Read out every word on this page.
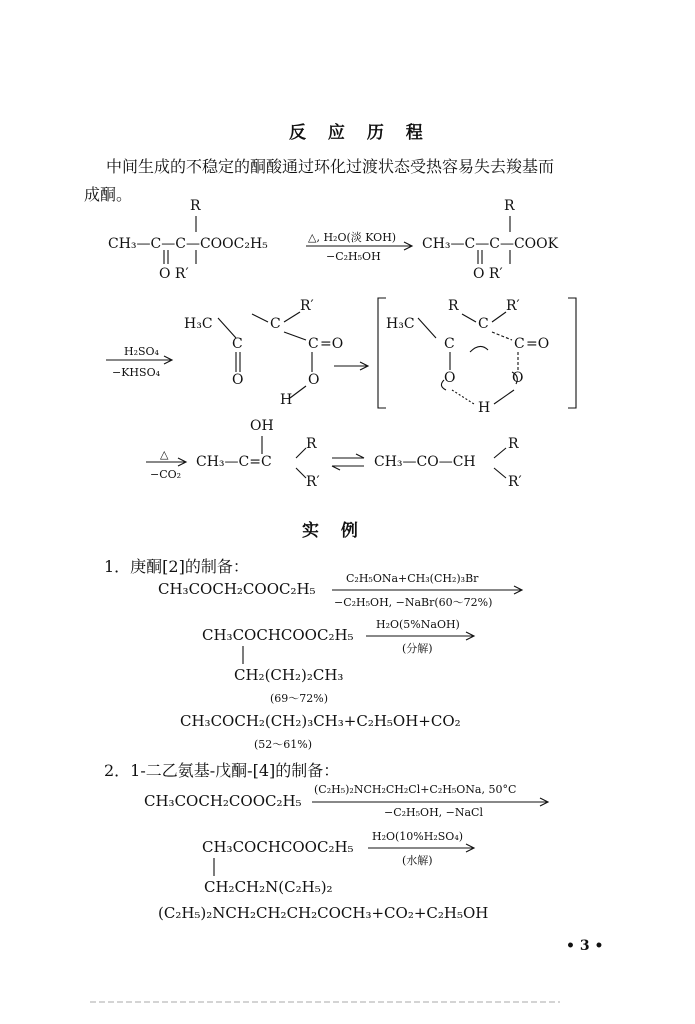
反 应 历 程
中间生成的不稳定的酮酸通过环化过渡状态受热容易失去羧基而
成酮。
R
CH₃—C—C—COOC₂H₅
O R′
△, H₂O(淡 KOH)
−C₂H₅OH
R
CH₃—C—C—COOK
O R′
H₂SO₄
−KHSO₄
R′
H₃C	C
C	C =O
O	O
H
R	R′
H₃C	C
C	C =O
O	O
H
OH
△
−CO₂
CH₃—C=C
R
R′
CH₃—CO—CH
R
R′
实 例
1．庚酮[2]的制备：
CH₃COCH₂COOC₂H₅
C₂H₅ONa+CH₃(CH₂)₃Br
−C₂H₅OH, −NaBr(60～72%)
CH₃COCHCOOC₂H₅
H₂O(5%NaOH)
(分解)
CH₂(CH₂)₂CH₃
(69～72%)
CH₃COCH₂(CH₂)₃CH₃+C₂H₅OH+CO₂
(52～61%)
2．1-二乙氨基-戊酮-[4]的制备：
CH₃COCH₂COOC₂H₅
(C₂H₅)₂NCH₂CH₂Cl+C₂H₅ONa, 50°C
−C₂H₅OH, −NaCl
CH₃COCHCOOC₂H₅
H₂O(10%H₂SO₄)
(水解)
CH₂CH₂N(C₂H₅)₂
(C₂H₅)₂NCH₂CH₂CH₂COCH₃+CO₂+C₂H₅OH
• 3 •
